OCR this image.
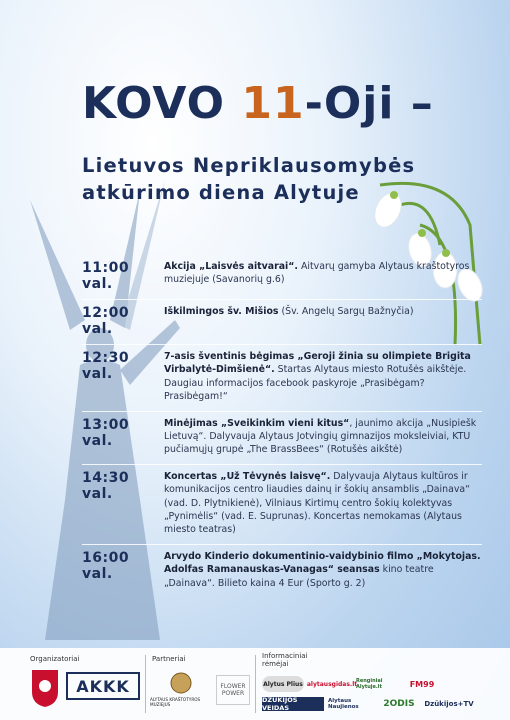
KOVO 11-Oji –
Lietuvos Nepriklausomybės
atkūrimo diena Alytuje
11:00 val.
Akcija „Laisvės aitvarai“. Aitvarų gamyba Alytaus kraštotyros muziejuje (Savanorių g.6)
12:00 val.
Iškilmingos šv. Mišios (Šv. Angelų Sargų Bažnyčia)
12:30 val.
7-asis šventinis bėgimas „Geroji žinia su olimpiete Brigita Virbalytė-Dimšienė“. Startas Alytaus miesto Rotušės aikštėje. Daugiau informacijos facebook paskyroje „Prasibėgam? Prasibėgam!“
13:00 val.
Minėjimas „Sveikinkim vieni kitus“, jaunimo akcija „Nusipiešk Lietuvą“. Dalyvauja Alytaus Jotvingių gimnazijos moksleiviai, KTU pučiamųjų grupė „The BrassBees“ (Rotušės aikštė)
14:30 val.
Koncertas „Už Tėvynės laisvę“. Dalyvauja Alytaus kultūros ir komunikacijos centro liaudies dainų ir šokių ansamblis „Dainava“ (vad. D. Plytnikienė), Vilniaus Kirtimų centro šokių kolektyvas „Pynimėlis“ (vad. E. Suprunas). Koncertas nemokamas (Alytaus miesto teatras)
16:00 val.
Arvydo Kinderio dokumentinio-vaidybinio filmo „Mokytojas. Adolfas Ramanauskas-Vanagas“ seansas kino teatre „Dainava“. Bilieto kaina 4 Eur (Sporto g. 2)
Organizatoriai	Partneriai	Informaciniai
rėmėjai
AKKK
ALYTAUS KRAŠTOTYROS MUZIEJUS
FLOWER
POWER
Alytus Plius alytausgidas.lt
Renginiai Alytuje.lt	FM99
DZŪKIJOS VEIDAS
Alytaus Naujienos	2ODIS	Dzūkijos+TV
